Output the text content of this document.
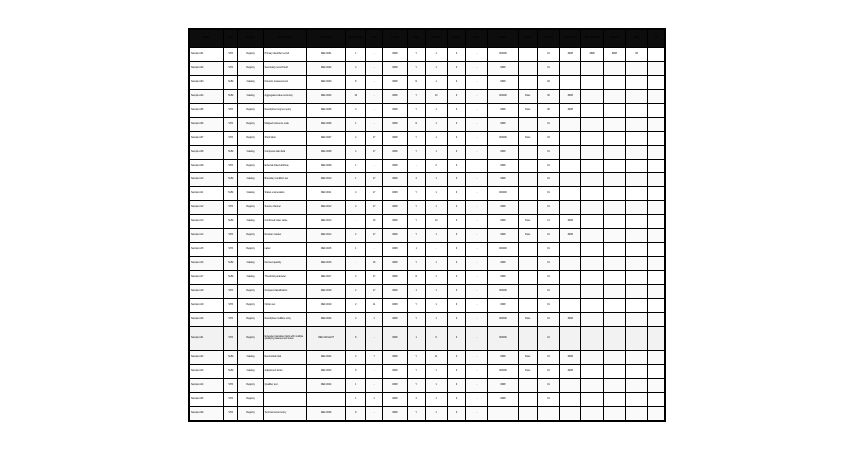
Name	Type	Source	Description	Reference	Value Range	Units	Format	Req	Validation	Default	Notes	Status	Owner	Version	Date Added	Date Modified	Review	Flag	ID
Sample A01	STR	Registry	Primary identifier record	REF-0001	1	-	####	Y	1	0	-	000000		01	####	####	####	##	
Sample A02	STR	Registry	Secondary record field	REF-0002	4	-	####	Y	1	0	-	####		01					
Sample A03	NUM	Catalog	Numeric measurement	REF-0003	8	-	####	N	1	0	-	####		02					
Sample A04	NUM	Catalog	Aggregated value summary	REF-0004	16	-	####	Y	10	0	-	000000	Pass	06	####				
Sample A05	STR	Registry	Descriptive long text entry	REF-0005	4	-	####	Y	1	0	-	####	Pass	08	####				
Sample A06	STR	Registry	Mapped reference code	REF-0006	1	-	####	N	1	0	-	####		01					
Sample A07	STR	Registry	Short label	REF-0007	4	17	####	Y	1	0	-	000000	Pass	03					
Sample A08	NUM	Catalog	Computed ratio field	REF-0008	4	17	####	Y	1	0	-	####		01					
Sample A09	STR	Registry	External linked attribute	REF-0009	1	-	####	-	2	0		####		01					
Sample A10	NUM	Catalog	Boundary condition set	REF-0010	1	17	####	2	1	0	-	####		01					
Sample A11	NUM	Catalog	Status enumeration	REF-0011	4	17	####	Y	1	0	-	000000		01					
Sample A12	STR	Registry	Source channel	REF-0012	4	17	####	Y	1	0	-	####		01					
Sample A13	NUM	Catalog	Combined index value	REF-0013	-	16	####	Y	10	0	-	####	Pass	14	####				
Sample A14	STR	Registry	Revision marker	REF-0014	2	17	####	Y	1	0	-	####	Pass	01	####				
Sample A15	STR	Registry	Label	REF-0015	1	-	####	1	-	0	-	000000		01					
Sample A16	NUM	Catalog	Derived quantity	REF-0016	-	16	####	Y	1	0	-	####		01					
Sample A17	NUM	Catalog	Threshold parameter	REF-0017	4	17	####	N	1	0	-	####		01					
Sample A18	STR	Registry	Grouped classification	REF-0018	2	17	####	1	1	0	-	000000		01					
Sample A19	STR	Registry	Option set	REF-0019	2	11	####	Y	1	0	-	####		01					
Sample A20	STR	Registry	Descriptive multiline entry	REF-0020	4	1	####	Y	1	0	-	000000	Pass	16	####				
Sample A21	STR	Registry	Extended narrative block with multiple qualifying clauses and notes	REF-0021-EXT	8	-	####	1	8	0	-	000000		01					
Sample A22	NUM	Catalog	Reconciled total	REF-0022	4	7	####	Y	11	0	-	####	Pass	16	####				
Sample A23	NUM	Catalog	Adjustment factor	REF-0023	8	-	####	Y	1	0	-	000000	Pass	16	####				
Sample A24	STR	Registry	Qualifier text	REF-0024	1	-	####	Y	1	0	-	####		01					
Sample A25	STR	Registry			1	1	####	2	1	0	-	####		01					
Sample A26	STR	Registry	Terminal record entry	REF-0026	8	-	####	Y	1	0	-								
